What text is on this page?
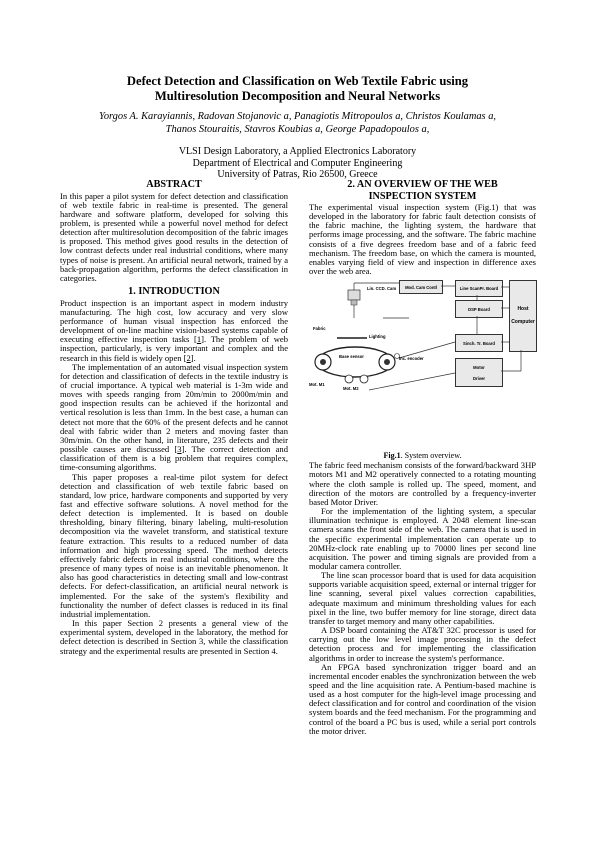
Defect Detection and Classification on Web Textile Fabric using
Multiresolution Decomposition and Neural Networks
Yorgos A. Karayiannis, Radovan Stojanovic a, Panagiotis Mitropoulos a, Christos Koulamas a,
Thanos Stouraitis, Stavros Koubias a, George Papadopoulos a,
VLSI Design Laboratory, a Applied Electronics Laboratory
Department of Electrical and Computer Engineering
University of Patras, Rio 26500, Greece
ABSTRACT

In this paper a pilot system for defect detection and classification of web textile fabric in real-time is presented. The general hardware and software platform, developed for solving this problem, is presented while a powerful novel method for defect detection after multiresolution decomposition of the fabric images is proposed. This method gives good results in the detection of low contrast defects under real industrial conditions, where many types of noise is present. An artificial neural network, trained by a back-propagation algorithm, performs the defect classification in categories.

1. INTRODUCTION

Product inspection is an important aspect in modern industry manufacturing. The high cost, low accuracy and very slow performance of human visual inspection has enforced the development of on-line machine vision-based systems capable of executing effective inspection tasks [1]. The problem of web inspection, particularly, is very important and complex and the research in this field is widely open [2].

The implementation of an automated visual inspection system for detection and classification of defects in the textile industry is of crucial importance. A typical web material is 1-3m wide and moves with speeds ranging from 20m/min to 2000m/min and good inspection results can be achieved if the horizontal and vertical resolution is less than 1mm. In the best case, a human can detect not more that the 60% of the present defects and he cannot deal with fabric wider than 2 meters and moving faster than 30m/min. On the other hand, in literature, 235 defects and their possible causes are discussed [3]. The correct detection and classification of them is a big problem that requires complex, time-consuming algorithms.

This paper proposes a real-time pilot system for defect detection and classification of web textile fabric based on standard, low price, hardware components and supported by very fast and effective software solutions. A novel method for the defect detection is implemented. It is based on double thresholding, binary filtering, binary labeling, multi-resolution decomposition via the wavelet transform, and statistical texture feature extraction. This results to a reduced number of data information and high processing speed. The method detects effectively fabric defects in real industrial conditions, where the presence of many types of noise is an inevitable phenomenon. It also has good characteristics in detecting small and low-contrast defects. For defect-classification, an artificial neural network is implemented. For the sake of the system's flexibility and functionality the number of defect classes is reduced in its final industrial implementation.

In this paper Section 2 presents a general view of the experimental system, developed in the laboratory, the method for defect detection is described in Section 3, while the classification strategy and the experimental results are presented in Section 4.

2. AN OVERVIEW OF THE WEB
INSPECTION SYSTEM

The experimental visual inspection system (Fig.1) that was developed in the laboratory for fabric fault detection consists of the fabric machine, the lighting system, the hardware that performs image processing, and the software. The fabric machine consists of a five degrees freedom base and of a fabric feed mechanism. The freedom base, on which the camera is mounted, enables varying field of view and inspection in difference axes over the web area.

Mod. Cam Contl	Line ScanPr. Board
DSP Board
Sinch. Tr. Board
Host
Computer
Motor
Driver
Lin. CCD. Cam
Fabric
Lighting
Base sensor	Inc. encoder
Mot. M1
Mot. M2
Fig.1. System overview.

The fabric feed mechanism consists of the forward/backward 3HP motors M1 and M2 operatively connected to a rotating mounting where the cloth sample is rolled up. The speed, moment, and direction of the motors are controlled by a frequency-inverter based Motor Driver.

For the implementation of the lighting system, a specular illumination technique is employed. A 2048 element line-scan camera scans the front side of the web. The camera that is used in the specific experimental implementation can operate up to 20MHz-clock rate enabling up to 70000 lines per second line acquisition. The power and timing signals are provided from a modular camera controller.

The line scan processor board that is used for data acquisition supports variable acquisition speed, external or internal trigger for line scanning, several pixel values correction capabilities, adequate maximum and minimum thresholding values for each pixel in the line, two buffer memory for line storage, direct data transfer to target memory and many other capabilities.

A DSP board containing the AT&T 32C processor is used for carrying out the low level image processing in the defect detection process and for implementing the classification algorithms in order to increase the system's performance.

An FPGA based synchronization trigger board and an incremental encoder enables the synchronization between the web speed and the line acquisition rate. A Pentium-based machine is used as a host computer for the high-level image processing and defect classification and for control and coordination of the vision system boards and the feed mechanism. For the programming and control of the board a PC bus is used, while a serial port controls the motor driver.
